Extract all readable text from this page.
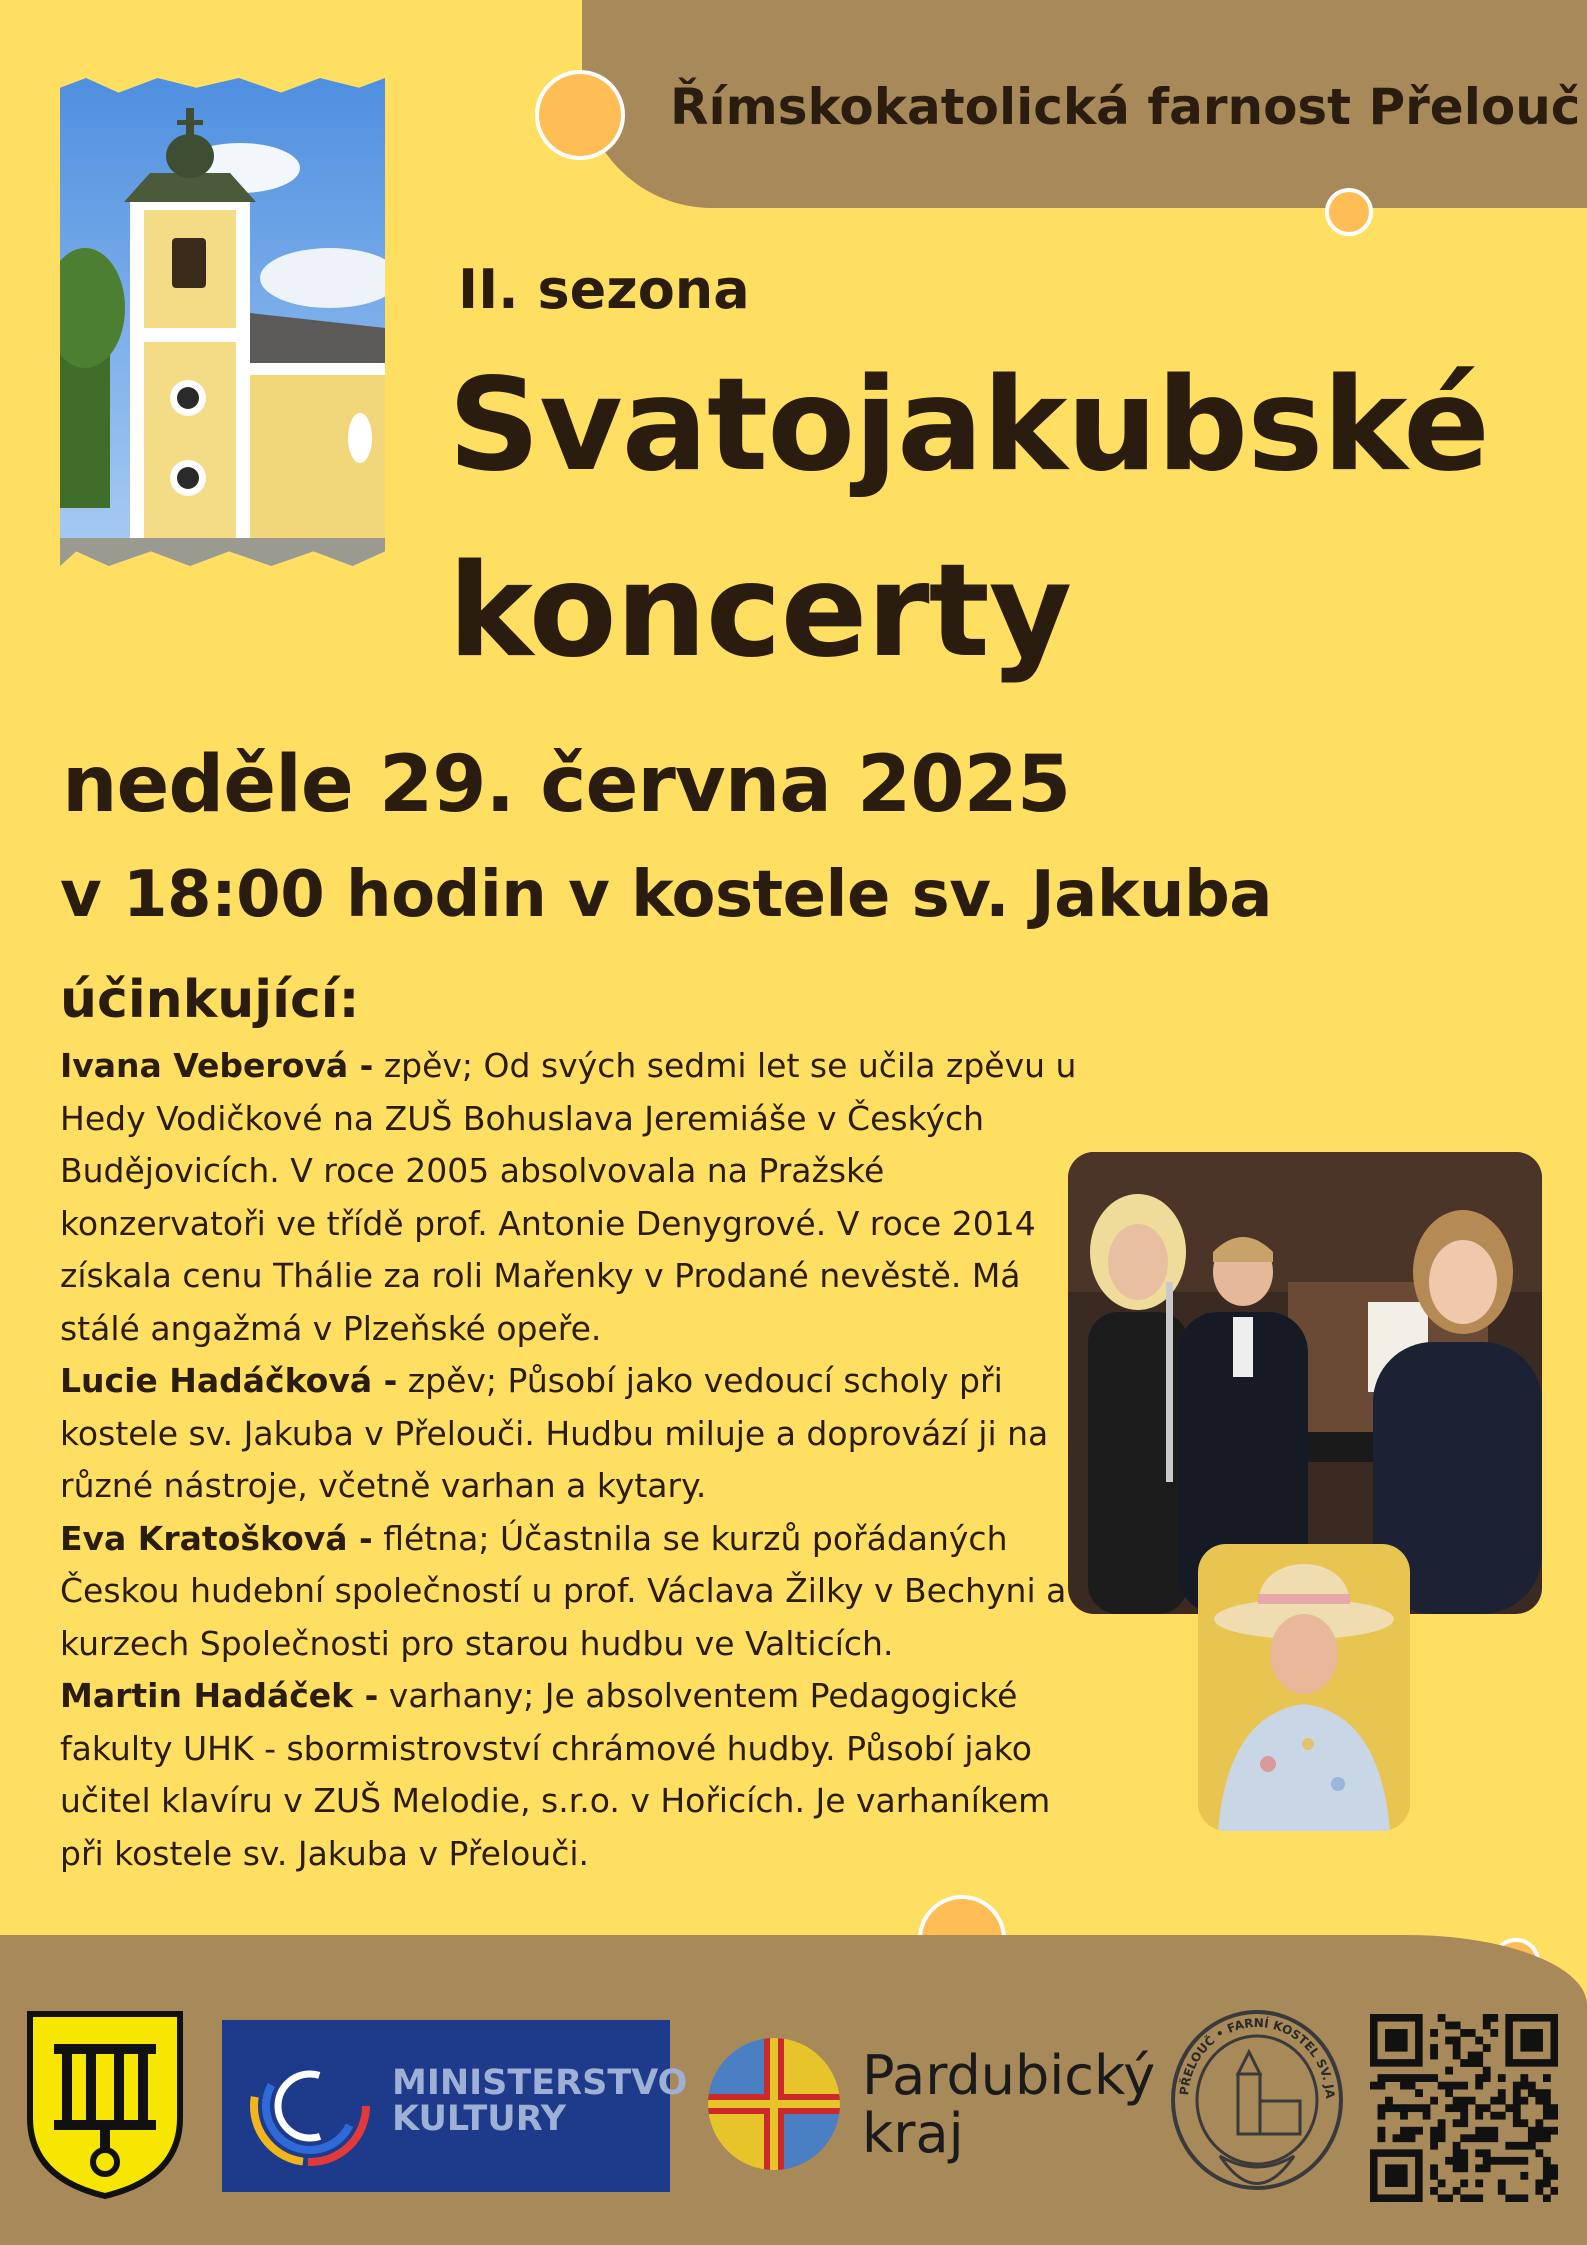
Římskokatolická farnost Přelouč
II. sezona
Svatojakubské
koncerty
neděle 29. června 2025
v 18:00 hodin v kostele sv. Jakuba
účinkující:

Ivana Veberová - zpěv; Od svých sedmi let se učila zpěvu u Hedy Vodičkové na ZUŠ Bohuslava Jeremiáše v Českých Budějovicích. V roce 2005 absolvovala na Pražské konzervatoři ve třídě prof. Antonie Denygrové. V roce 2014 získala cenu Thálie za roli Mařenky v Prodané nevěstě. Má stálé angažmá v Plzeňské opeře.

Lucie Hadáčková - zpěv; Působí jako vedoucí scholy při kostele sv. Jakuba v Přelouči. Hudbu miluje a doprovází ji na různé nástroje, včetně varhan a kytary.

Eva Kratošková - flétna; Účastnila se kurzů pořádaných Českou hudební společností u prof. Václava Žilky v Bechyni a kurzech Společnosti pro starou hudbu ve Valticích.

Martin Hadáček - varhany; Je absolventem Pedagogické fakulty UHK - sbormistrovství chrámové hudby. Působí jako učitel klavíru v ZUŠ Melodie, s.r.o. v Hořicích. Je varhaníkem při kostele sv. Jakuba v Přelouči.

MINISTERSTVO
KULTURY
Pardubický
kraj
PŘELOUČ • FARNÍ KOSTEL SV. JA
